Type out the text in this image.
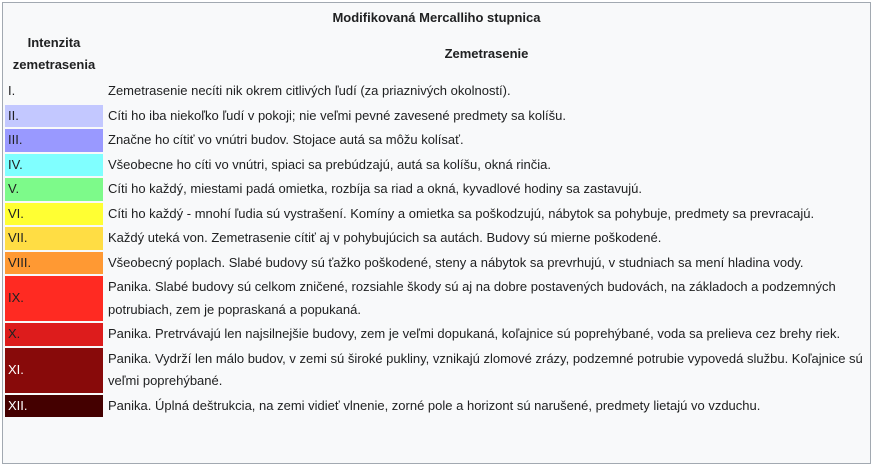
Modifikovaná Mercalliho stupnica	
Intenzita
zemetrasenia	Zemetrasenie
I.	Zemetrasenie necíti nik okrem citlivých ľudí (za priaznivých okolností).
II.	Cíti ho iba niekoľko ľudí v pokoji; nie veľmi pevné zavesené predmety sa kolíšu.
III.	Značne ho cítiť vo vnútri budov. Stojace autá sa môžu kolísať.
IV.	Všeobecne ho cíti vo vnútri, spiaci sa prebúdzajú, autá sa kolíšu, okná rinčia.
V.	Cíti ho každý, miestami padá omietka, rozbíja sa riad a okná, kyvadlové hodiny sa zastavujú.
VI.	Cíti ho každý - mnohí ľudia sú vystrašení. Komíny a omietka sa poškodzujú, nábytok sa pohybuje, predmety sa prevracajú.
VII.	Každý uteká von. Zemetrasenie cítiť aj v pohybujúcich sa autách. Budovy sú mierne poškodené.
VIII.	Všeobecný poplach. Slabé budovy sú ťažko poškodené, steny a nábytok sa prevrhujú, v studniach sa mení hladina vody.
IX.	Panika. Slabé budovy sú celkom zničené, rozsiahle škody sú aj na dobre postavených budovách, na základoch a podzemných potrubiach, zem je popraskaná a popukaná.
X.	Panika. Pretrvávajú len najsilnejšie budovy, zem je veľmi dopukaná, koľajnice sú poprehýbané, voda sa prelieva cez brehy riek.
XI.	Panika. Vydrží len málo budov, v zemi sú široké pukliny, vznikajú zlomové zrázy, podzemné potrubie vypovedá službu. Koľajnice sú veľmi poprehýbané.
XII.	Panika. Úplná deštrukcia, na zemi vidieť vlnenie, zorné pole a horizont sú narušené, predmety lietajú vo vzduchu.
